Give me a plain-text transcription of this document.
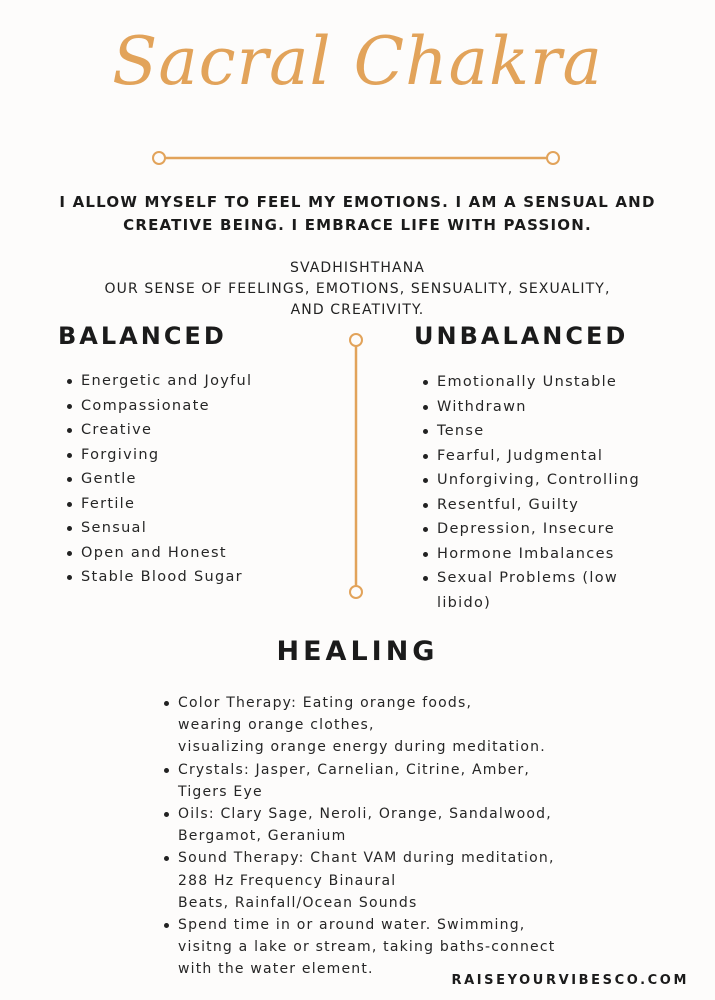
Sacral Chakra
I ALLOW MYSELF TO FEEL MY EMOTIONS. I AM A SENSUAL AND
CREATIVE BEING. I EMBRACE LIFE WITH PASSION.
SVADHISHTHANA
OUR SENSE OF FEELINGS, EMOTIONS, SENSUALITY, SEXUALITY,
AND CREATIVITY.
BALANCED	UNBALANCED
Energetic and Joyful
Compassionate
Creative
Forgiving
Gentle
Fertile
Sensual
Open and Honest
Stable Blood Sugar
Emotionally Unstable
Withdrawn
Tense
Fearful, Judgmental
Unforgiving, Controlling
Resentful, Guilty
Depression, Insecure
Hormone Imbalances
Sexual Problems (low libido)
HEALING
Color Therapy: Eating orange foods,
wearing orange clothes,
visualizing orange energy during meditation.
Crystals: Jasper, Carnelian, Citrine, Amber,
Tigers Eye
Oils: Clary Sage, Neroli, Orange, Sandalwood,
Bergamot, Geranium
Sound Therapy: Chant VAM during meditation,
288 Hz Frequency Binaural
Beats, Rainfall/Ocean Sounds
Spend time in or around water. Swimming,
visitng a lake or stream, taking baths-connect
with the water element.
RAISEYOURVIBESCO.COM
